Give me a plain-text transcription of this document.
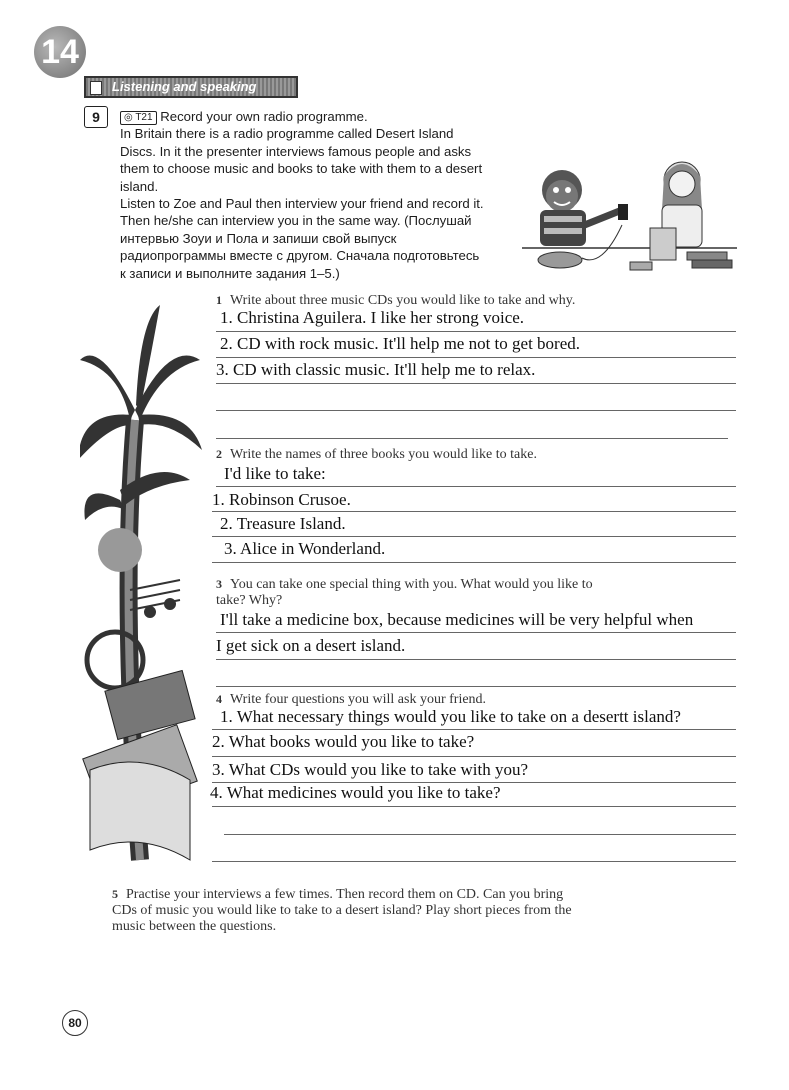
14
Listening and speaking
9	◎ T21 Record your own radio programme.

In Britain there is a radio programme called Desert Island Discs. In it the presenter interviews famous people and asks them to choose music and books to take with them to a desert island.

Listen to Zoe and Paul then interview your friend and record it. Then he/she can interview you in the same way. (Послушай интервью Зоуи и Пола и запиши свой выпуск радиопрограммы вместе с другом. Сначала подготовьтесь к записи и выполните задания 1–5.)

1 Write about three music CDs you would like to take and why.
1. Christina Aguilera. I like her strong voice.
2. CD with rock music. It'll help me not to get bored.
3. CD with classic music. It'll help me to relax.
2 Write the names of three books you would like to take.
I'd like to take:
1. Robinson Crusoe.
2. Treasure Island.
3. Alice in Wonderland.
3 You can take one special thing with you. What would you like to
take? Why?
I'll take a medicine box, because medicines will be very helpful when
I get sick on a desert island.
4 Write four questions you will ask your friend.
1. What necessary things would you like to take on a desertt island?
2. What books would you like to take?
3. What CDs would you like to take with you?
4. What medicines would you like to take?
5 Practise your interviews a few times. Then record them on CD. Can you bring
CDs of music you would like to take to a desert island? Play short pieces from the
music between the questions.
80
